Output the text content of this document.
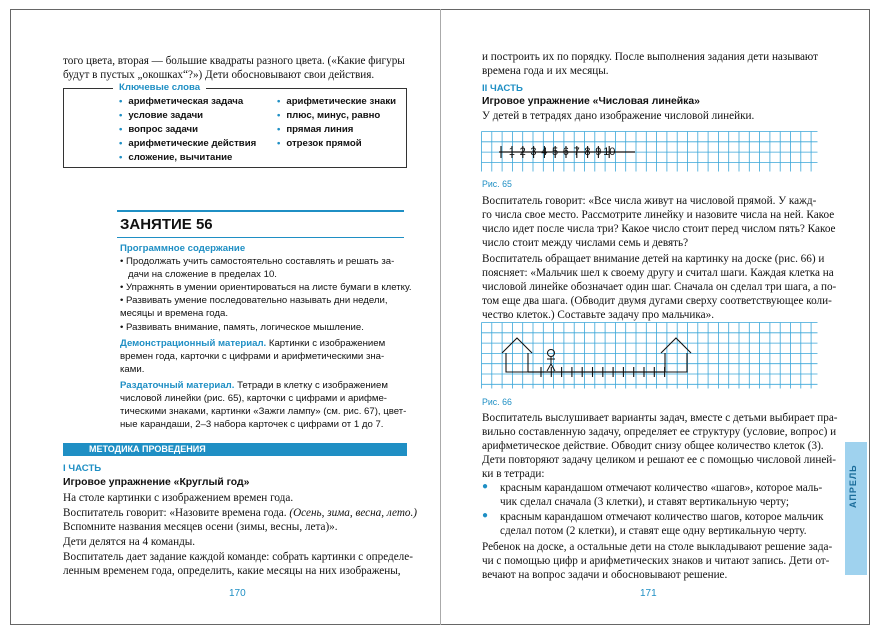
того цвета, вторая — большие квадраты разного цвета. («Какие фигуры
будут в пустых „окошках“?») Дети обосновывают свои действия.
Ключевые слова
• арифметическая задача
• условие задачи
• вопрос задачи
• арифметические действия
• сложение, вычитание
• арифметические знаки
• плюс, минус, равно
• прямая линия
• отрезок прямой
ЗАНЯТИЕ 56
Программное содержание
• Продолжать учить самостоятельно составлять и решать за-
дачи на сложение в пределах 10.
• Упражнять в умении ориентироваться на листе бумаги в клетку.
• Развивать умение последовательно называть дни недели,
месяцы и времена года.
• Развивать внимание, память, логическое мышление.
Демонстрационный материал. Картинки с изображением
времен года, карточки с цифрами и арифметическими зна-
ками.
Раздаточный материал. Тетради в клетку с изображением
числовой линейки (рис. 65), карточки с цифрами и арифме-
тическими знаками, картинки «Зажги лампу» (см. рис. 67), цвет-
ные карандаши, 2–3 набора карточек с цифрами от 1 до 7.
МЕТОДИКА ПРОВЕДЕНИЯ
I ЧАСТЬ
Игровое упражнение «Круглый год»
На столе картинки с изображением времен года.
Воспитатель говорит: «Назовите времена года. (Осень, зима, весна, лето.)
Вспомните названия месяцев осени (зимы, весны, лета)».
Дети делятся на 4 команды.
Воспитатель дает задание каждой команде: собрать картинки с определе-
ленным временем года, определить, какие месяцы на них изображены,
170
и построить их по порядку. После выполнения задания дети называют
времена года и их месяцы.
II ЧАСТЬ
Игровое упражнение «Числовая линейка»
У детей в тетрадях дано изображение числовой линейки.
1 2 3 4 5 6 7 8 9 10
Рис. 65
Воспитатель говорит: «Все числа живут на числовой прямой. У кажд-
го числа свое место. Рассмотрите линейку и назовите числа на ней. Какое
число идет после числа три? Какое число стоит перед числом пять? Какое
число стоит между числами семь и девять?
Воспитатель обращает внимание детей на картинку на доске (рис. 66) и
поясняет: «Мальчик шел к своему другу и считал шаги. Каждая клетка на
числовой линейке обозначает один шаг. Сначала он сделал три шага, а по-
том еще два шага. (Обводит двумя дугами сверху соответствующее коли-
чество клеток.) Составьте задачу про мальчика».
Рис. 66
Воспитатель выслушивает варианты задач, вместе с детьми выбирает пра-
вильно составленную задачу, определяет ее структуру (условие, вопрос) и
арифметическое действие. Обводит снизу общее количество клеток (3).
Дети повторяют задачу целиком и решают ее с помощью числовой линей-
ки в тетради:
●	красным карандашом отмечают количество «шагов», которое маль-
чик сделал сначала (3 клетки), и ставят вертикальную черту;
●	красным карандашом отмечают количество шагов, которое мальчик
сделал потом (2 клетки), и ставят еще одну вертикальную черту.
Ребенок на доске, а остальные дети на столе выкладывают решение зада-
чи с помощью цифр и арифметических знаков и читают запись. Дети от-
вечают на вопрос задачи и обосновывают решение.
171
АПРЕЛЬ
